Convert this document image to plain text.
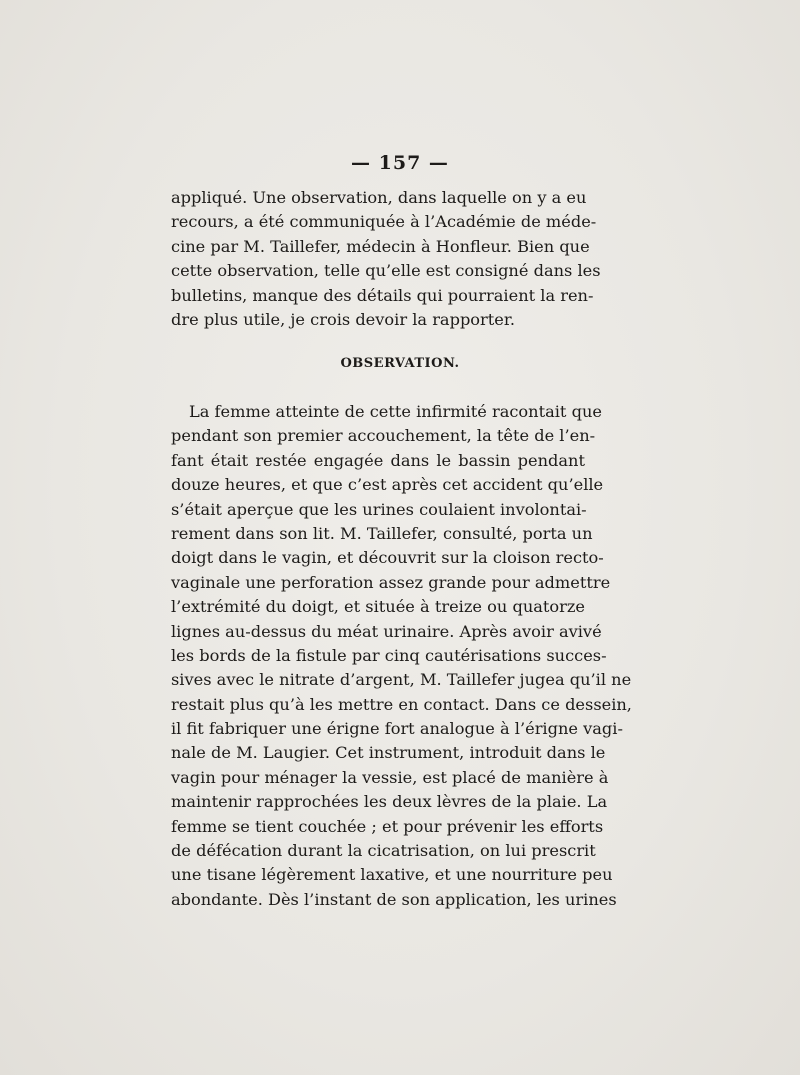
— 157 —
appliqué. Une observation, dans laquelle on y a eu
recours, a été communiquée à l’Académie de méde-
cine par M. Taillefer, médecin à Honfleur. Bien que
cette observation, telle qu’elle est consigné dans les
bulletins, manque des détails qui pourraient la ren-
dre plus utile, je crois devoir la rapporter.
OBSERVATION.
La femme atteinte de cette infirmité racontait que
pendant son premier accouchement, la tête de l’en-
fant était restée engagée dans le bassin pendant
douze heures, et que c’est après cet accident qu’elle
s’était aperçue que les urines coulaient involontai-
rement dans son lit. M. Taillefer, consulté, porta un
doigt dans le vagin, et découvrit sur la cloison recto-
vaginale une perforation assez grande pour admettre
l’extrémité du doigt, et située à treize ou quatorze
lignes au-dessus du méat urinaire. Après avoir avivé
les bords de la fistule par cinq cautérisations succes-
sives avec le nitrate d’argent, M. Taillefer jugea qu’il ne
restait plus qu’à les mettre en contact. Dans ce dessein,
il fit fabriquer une érigne fort analogue à l’érigne vagi-
nale de M. Laugier. Cet instrument, introduit dans le
vagin pour ménager la vessie, est placé de manière à
maintenir rapprochées les deux lèvres de la plaie. La
femme se tient couchée ; et pour prévenir les efforts
de défécation durant la cicatrisation, on lui prescrit
une tisane légèrement laxative, et une nourriture peu
abondante. Dès l’instant de son application, les urines
